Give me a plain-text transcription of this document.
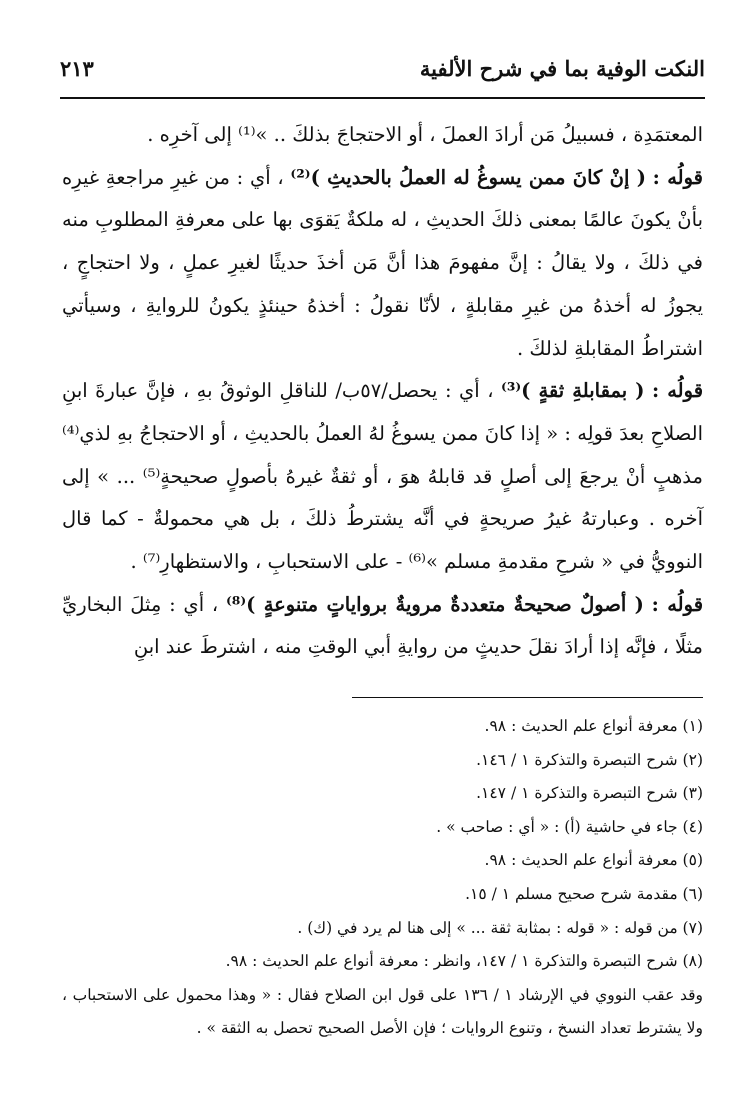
النكت الوفية بما في شرح الألفية
٢١٣

المعتمَدِة ، فسبيلُ مَن أرادَ العملَ ، أو الاحتجاجَ بذلكَ .. »⁽¹⁾ إلى آخرِه .

قولُه : ( إنْ كانَ ممن يسوغُ له العملُ بالحديثِ )⁽²⁾ ، أي : من غيرِ مراجعةِ غيرِه بأنْ يكونَ عالمًا بمعنى ذلكَ الحديثِ ، له ملكةٌ يَقوَى بها على معرفةِ المطلوبِ منه في ذلكَ ، ولا يقالُ : إنَّ مفهومَ هذا أنَّ مَن أخذَ حديثًا لغيرِ عملٍ ، ولا احتجاجٍ ، يجوزُ له أخذهُ من غيرِ مقابلةٍ ، لأنّا نقولُ : أخذهُ حينئذٍ يكونُ للروايةِ ، وسيأتي اشتراطُ المقابلةِ لذلكَ .

قولُه : ( بمقابلةِ ثقةٍ )⁽³⁾ ، أي : يحصل/٥٧ب/ للناقلِ الوثوقُ بهِ ، فإنَّ عبارةَ ابنِ الصلاحِ بعدَ قولِه : « إذا كانَ ممن يسوغُ لهُ العملُ بالحديثِ ، أو الاحتجاجُ بهِ لذي⁽⁴⁾ مذهبٍ أنْ يرجعَ إلى أصلٍ قد قابلهُ هوَ ، أو ثقةٌ غيرهُ بأصولٍ صحيحةٍ⁽⁵⁾ ... » إلى آخره . وعبارتهُ غيرُ صريحةٍ في أنَّه يشترطُ ذلكَ ، بل هي محمولةٌ - كما قال النوويُّ في « شرحِ مقدمةِ مسلم »⁽⁶⁾ - على الاستحبابِ ، والاستظهارِ⁽⁷⁾ .

قولُه : ( أصولٌ صحيحةٌ متعددةٌ مرويةٌ برواياتٍ متنوعةٍ )⁽⁸⁾ ، أي : مِثلَ البخاريِّ مثلًا ، فإنَّه إذا أرادَ نقلَ حديثٍ من روايةِ أبي الوقتِ منه ، اشترطَ عند ابنِ

(١) معرفة أنواع علم الحديث : ٩٨.
(٢) شرح التبصرة والتذكرة ١ / ١٤٦.
(٣) شرح التبصرة والتذكرة ١ / ١٤٧.
(٤) جاء في حاشية (أ) : « أي : صاحب » .
(٥) معرفة أنواع علم الحديث : ٩٨.
(٦) مقدمة شرح صحيح مسلم ١ / ١٥.
(٧) من قوله : « قوله : بمثابة ثقة ... » إلى هنا لم يرد في (ك) .
(٨) شرح التبصرة والتذكرة ١ / ١٤٧، وانظر : معرفة أنواع علم الحديث : ٩٨.
وقد عقب النووي في الإرشاد ١ / ١٣٦ على قول ابن الصلاح فقال : « وهذا محمول على الاستحباب ، ولا يشترط تعداد النسخ ، وتنوع الروايات ؛ فإن الأصل الصحيح تحصل به الثقة » .
